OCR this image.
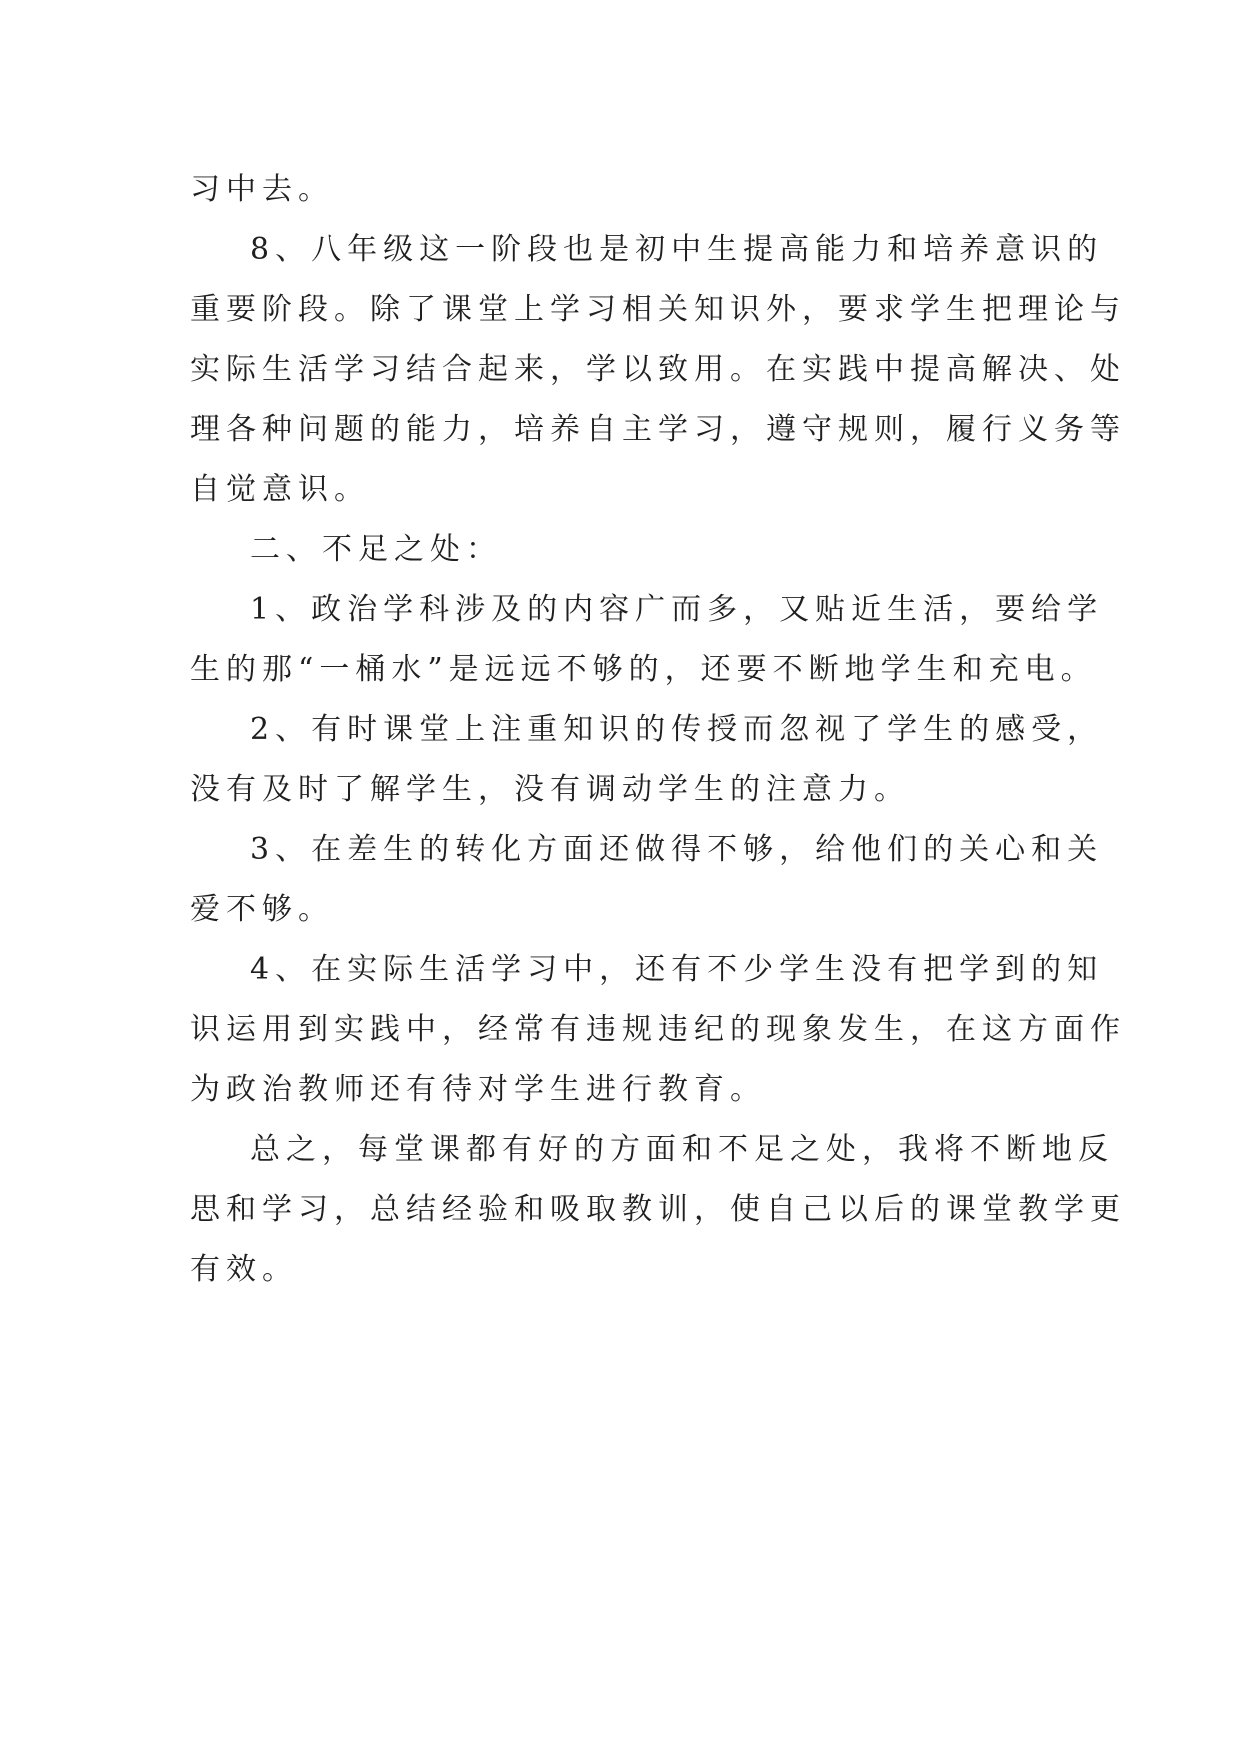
习中去。
8、八年级这一阶段也是初中生提高能力和培养意识的
重要阶段。除了课堂上学习相关知识外，要求学生把理论与
实际生活学习结合起来，学以致用。在实践中提高解决、处
理各种问题的能力，培养自主学习，遵守规则，履行义务等
自觉意识。
二、不足之处：
1、政治学科涉及的内容广而多，又贴近生活，要给学
生的那“一桶水”是远远不够的，还要不断地学生和充电。
2、有时课堂上注重知识的传授而忽视了学生的感受，
没有及时了解学生，没有调动学生的注意力。
3、在差生的转化方面还做得不够，给他们的关心和关
爱不够。
4、在实际生活学习中，还有不少学生没有把学到的知
识运用到实践中，经常有违规违纪的现象发生，在这方面作
为政治教师还有待对学生进行教育。
总之，每堂课都有好的方面和不足之处，我将不断地反
思和学习，总结经验和吸取教训，使自己以后的课堂教学更
有效。
